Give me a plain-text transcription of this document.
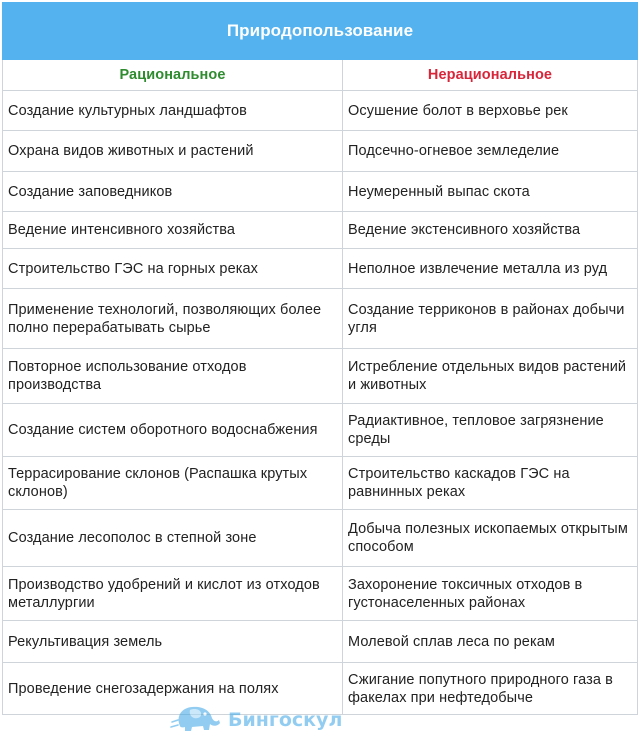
Природопользование	
Рациональное	Нерациональное
Создание культурных ландшафтов	Осушение болот в верховье рек
Охрана видов животных и растений	Подсечно-огневое земледелие
Создание заповедников	Неумеренный выпас скота
Ведение интенсивного хозяйства	Ведение экстенсивного хозяйства
Строительство ГЭС на горных реках	Неполное извлечение металла из руд
Применение технологий, позволяющих более полно перерабатывать сырье	Создание терриконов в районах добычи угля
Повторное использование отходов производства	Истребление отдельных видов растений и животных
Создание систем оборотного водоснабжения	Радиактивное, тепловое загрязнение среды
Террасирование склонов (Распашка крутых склонов)	Строительство каскадов ГЭС на равнинных реках
Создание лесополос в степной зоне	Добыча полезных ископаемых открытым способом
Производство удобрений и кислот из отходов металлургии	Захоронение токсичных отходов в густонаселенных районах
Рекультивация земель	Молевой сплав леса по рекам
Проведение снегозадержания на полях	Сжигание попутного природного газа в факелах при нефтедобыче
Бингоскул
